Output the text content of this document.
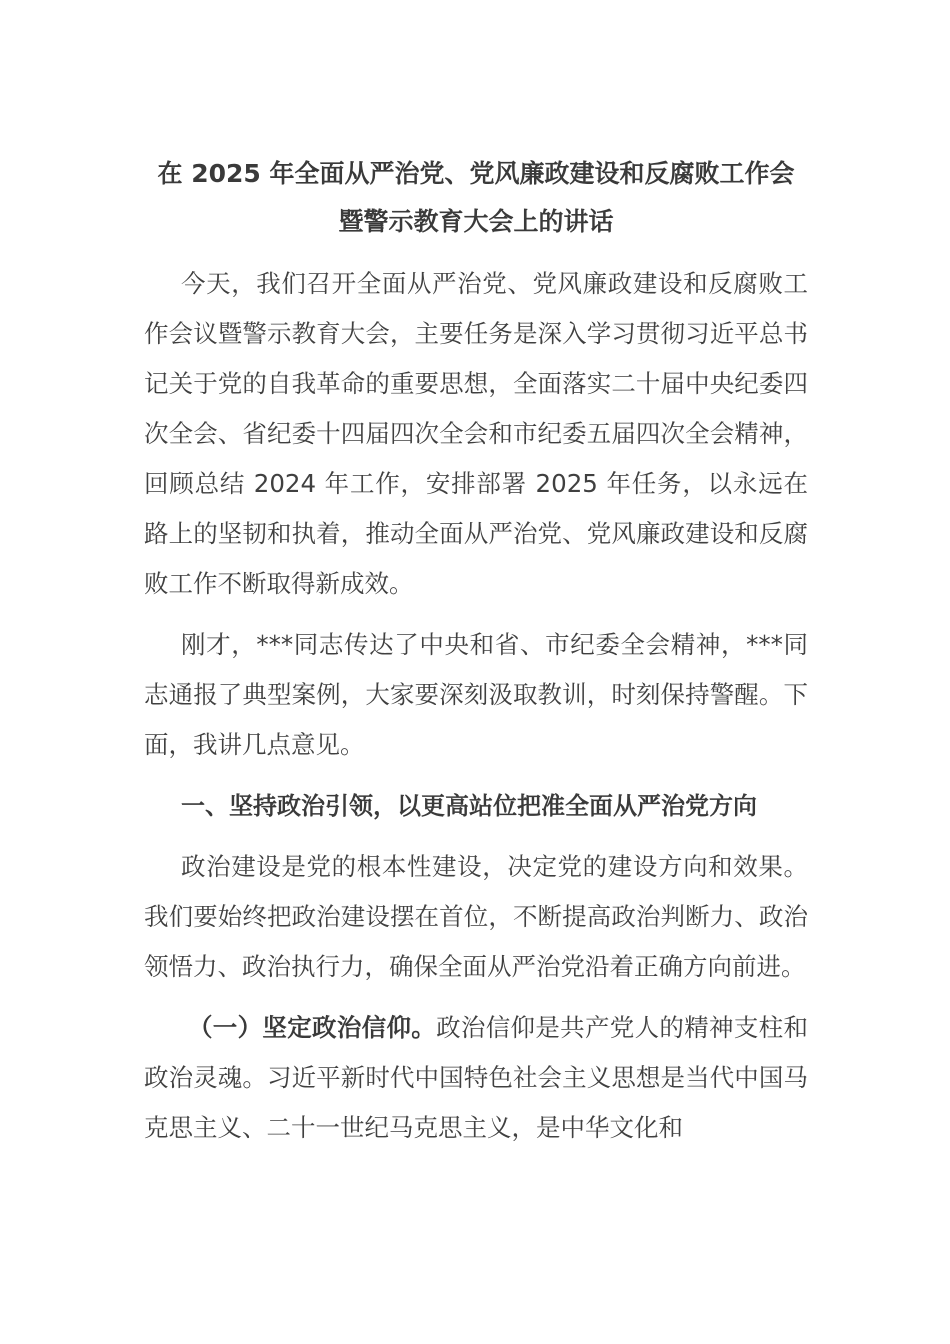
在 2025 年全面从严治党、党风廉政建设和反腐败工作会
暨警示教育大会上的讲话

今天，我们召开全面从严治党、党风廉政建设和反腐败工作会议暨警示教育大会，主要任务是深入学习贯彻习近平总书记关于党的自我革命的重要思想，全面落实二十届中央纪委四次全会、省纪委十四届四次全会和市纪委五届四次全会精神，回顾总结 2024 年工作，安排部署 2025 年任务，以永远在路上的坚韧和执着，推动全面从严治党、党风廉政建设和反腐败工作不断取得新成效。

刚才，***同志传达了中央和省、市纪委全会精神，***同志通报了典型案例，大家要深刻汲取教训，时刻保持警醒。下面，我讲几点意见。

一、坚持政治引领，以更高站位把准全面从严治党方向

政治建设是党的根本性建设，决定党的建设方向和效果。我们要始终把政治建设摆在首位，不断提高政治判断力、政治领悟力、政治执行力，确保全面从严治党沿着正确方向前进。

（一）坚定政治信仰。政治信仰是共产党人的精神支柱和政治灵魂。习近平新时代中国特色社会主义思想是当代中国马克思主义、二十一世纪马克思主义，是中华文化和
